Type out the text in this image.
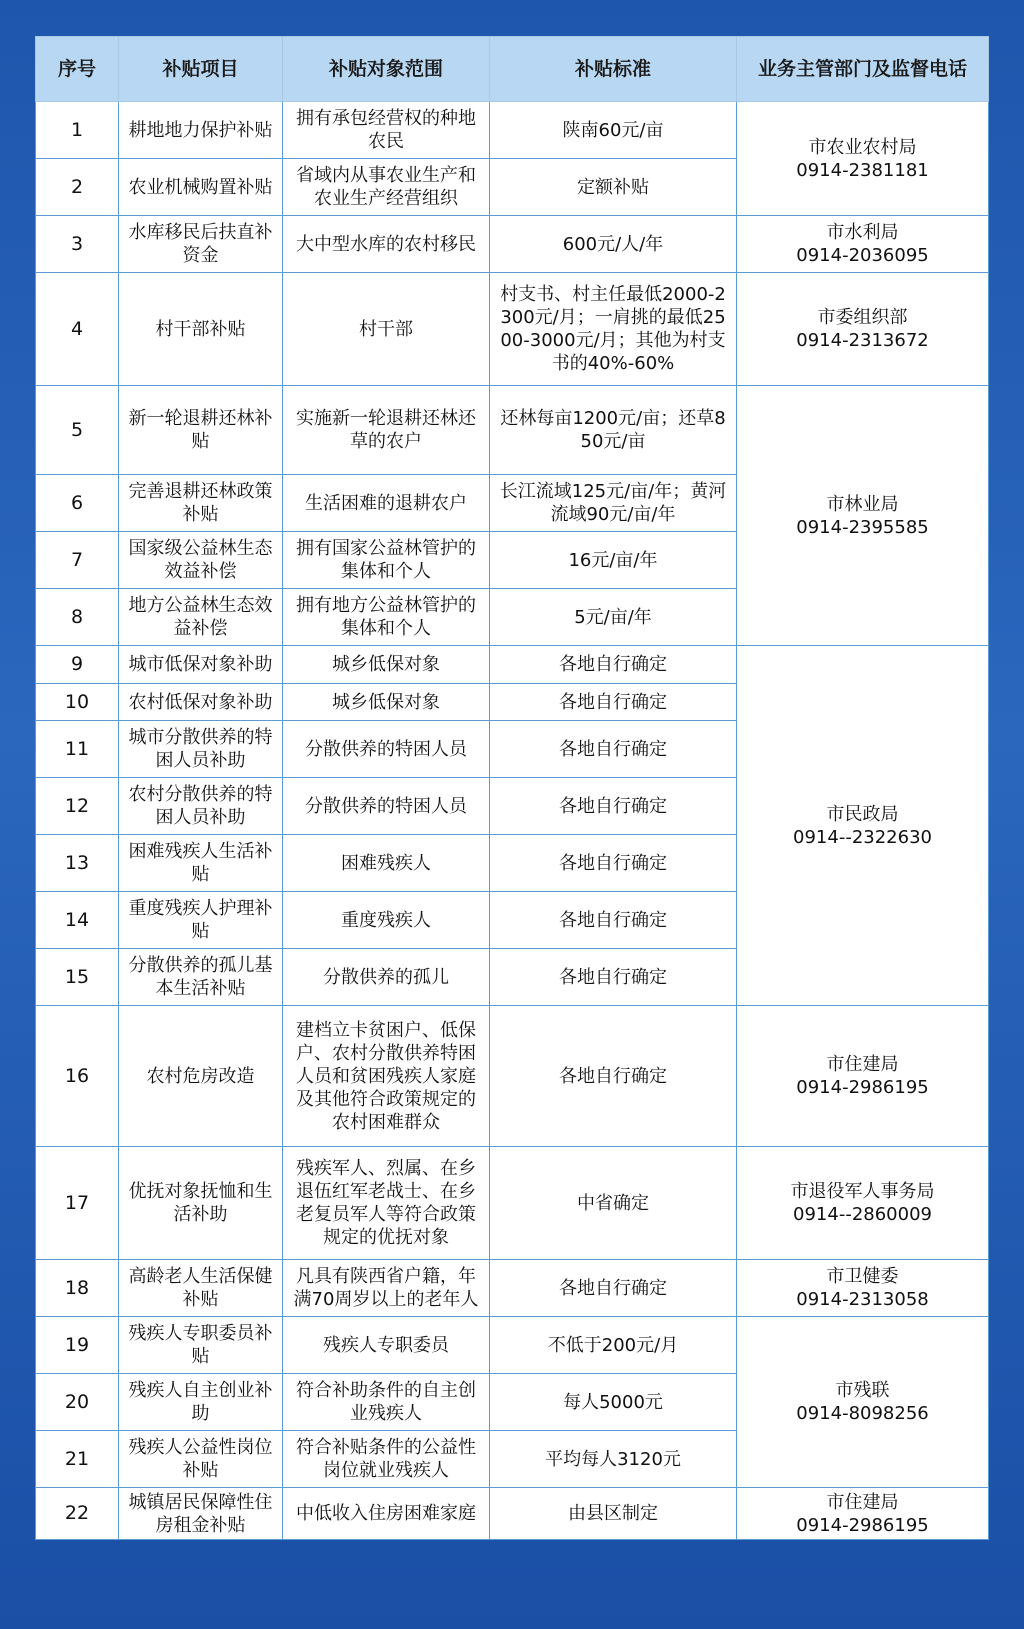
序号	补贴项目	补贴对象范围	补贴标准	业务主管部门及监督电话
1	耕地地力保护补贴	拥有承包经营权的种地农民	陕南60元/亩	市农业农村局
0914-2381181

2	农业机械购置补贴	省域内从事农业生产和农业生产经营组织	定额补贴	
3	水库移民后扶直补资金	大中型水库的农村移民	600元/人/年	市水利局
0914-2036095

4	村干部补贴	村干部	村支书、村主任最低2000-2300元/月；一肩挑的最低2500-3000元/月；其他为村支书的40%-60%	市委组织部
0914-2313672

5	新一轮退耕还林补贴	实施新一轮退耕还林还草的农户	还林每亩1200元/亩；还草850元/亩	市林业局
0914-2395585

6	完善退耕还林政策补贴	生活困难的退耕农户	长江流域125元/亩/年；黄河流域90元/亩/年	
7	国家级公益林生态效益补偿	拥有国家公益林管护的集体和个人	16元/亩/年	
8	地方公益林生态效益补偿	拥有地方公益林管护的集体和个人	5元/亩/年	
9	城市低保对象补助	城乡低保对象	各地自行确定	市民政局
0914--2322630

10	农村低保对象补助	城乡低保对象	各地自行确定	
11	城市分散供养的特困人员补助	分散供养的特困人员	各地自行确定	
12	农村分散供养的特困人员补助	分散供养的特困人员	各地自行确定	
13	困难残疾人生活补贴	困难残疾人	各地自行确定	
14	重度残疾人护理补贴	重度残疾人	各地自行确定	
15	分散供养的孤儿基本生活补贴	分散供养的孤儿	各地自行确定	
16	农村危房改造	建档立卡贫困户、低保户、农村分散供养特困人员和贫困残疾人家庭及其他符合政策规定的农村困难群众	各地自行确定	市住建局
0914-2986195

17	优抚对象抚恤和生活补助	残疾军人、烈属、在乡退伍红军老战士、在乡老复员军人等符合政策规定的优抚对象	中省确定	市退役军人事务局
0914--2860009

18	高龄老人生活保健补贴	凡具有陕西省户籍，年满70周岁以上的老年人	各地自行确定	市卫健委
0914-2313058

19	残疾人专职委员补贴	残疾人专职委员	不低于200元/月	市残联
0914-8098256

20	残疾人自主创业补助	符合补助条件的自主创业残疾人	每人5000元	
21	残疾人公益性岗位补贴	符合补贴条件的公益性岗位就业残疾人	平均每人3120元	
22	城镇居民保障性住房租金补贴	中低收入住房困难家庭	由县区制定	市住建局
0914-2986195
